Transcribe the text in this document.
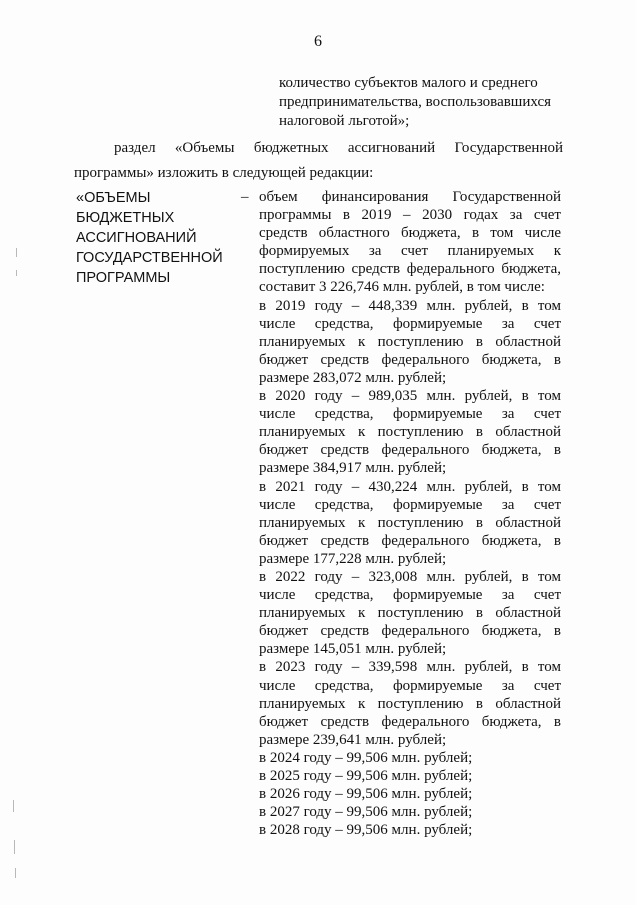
6
количество субъектов малого и среднего
предпринимательства, воспользовавшихся
налоговой льготой»;
раздел «Объемы бюджетных ассигнований Государственной
программы» изложить в следующей редакции:
«ОБЪЕМЫ
БЮДЖЕТНЫХ
АССИГНОВАНИЙ
ГОСУДАРСТВЕННОЙ
ПРОГРАММЫ
– объем финансирования Государственной
программы в 2019 – 2030 годах за счет
средств областного бюджета, в том числе
формируемых за счет планируемых к
поступлению средств федерального бюджета,
составит 3 226,746 млн. рублей, в том числе:
в 2019 году – 448,339 млн. рублей, в том
числе средства, формируемые за счет
планируемых к поступлению в областной
бюджет средств федерального бюджета, в
размере 283,072 млн. рублей;
в 2020 году – 989,035 млн. рублей, в том
числе средства, формируемые за счет
планируемых к поступлению в областной
бюджет средств федерального бюджета, в
размере 384,917 млн. рублей;
в 2021 году – 430,224 млн. рублей, в том
числе средства, формируемые за счет
планируемых к поступлению в областной
бюджет средств федерального бюджета, в
размере 177,228 млн. рублей;
в 2022 году – 323,008 млн. рублей, в том
числе средства, формируемые за счет
планируемых к поступлению в областной
бюджет средств федерального бюджета, в
размере 145,051 млн. рублей;
в 2023 году – 339,598 млн. рублей, в том
числе средства, формируемые за счет
планируемых к поступлению в областной
бюджет средств федерального бюджета, в
размере 239,641 млн. рублей;
в 2024 году – 99,506 млн. рублей;
в 2025 году – 99,506 млн. рублей;
в 2026 году – 99,506 млн. рублей;
в 2027 году – 99,506 млн. рублей;
в 2028 году – 99,506 млн. рублей;
